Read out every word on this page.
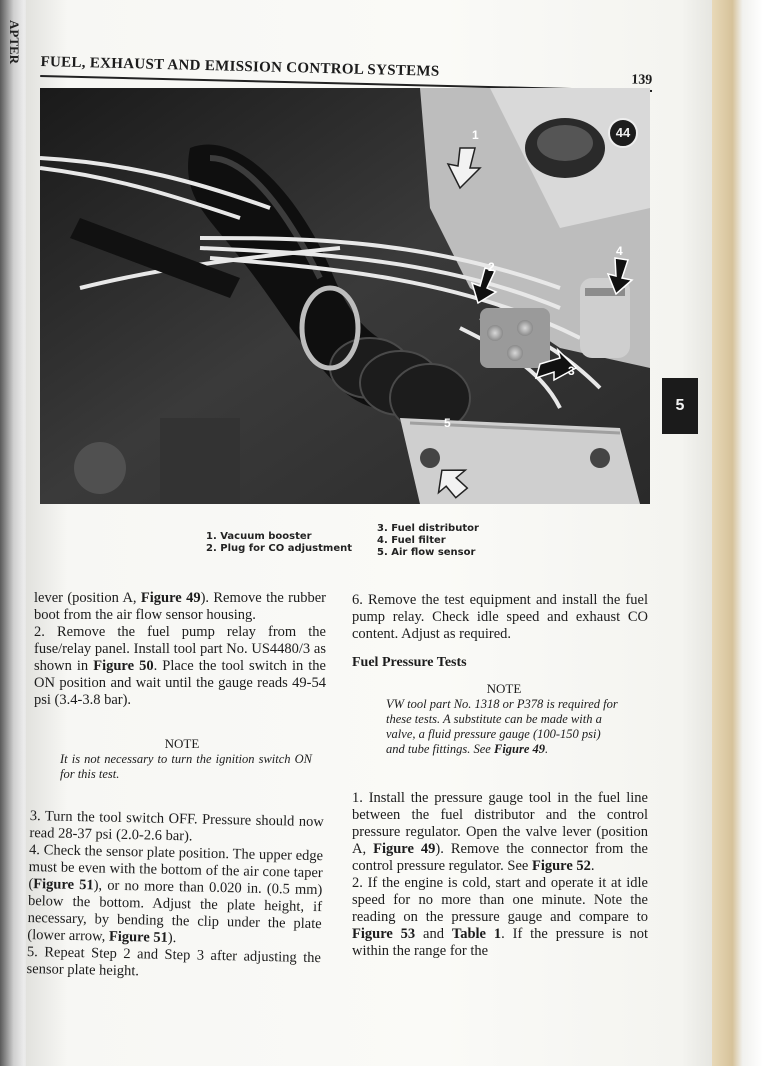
APTER
FUEL, EXHAUST AND EMISSION CONTROL SYSTEMS
139
1
2
3
4
5
44
1. Vacuum booster
2. Plug for CO adjustment
3. Fuel distributor
4. Fuel filter
5. Air flow sensor
5

lever (position A, Figure 49). Remove the rubber boot from the air flow sensor housing.

2. Remove the fuel pump relay from the fuse/relay panel. Install tool part No. US4480/3 as shown in Figure 50. Place the tool switch in the ON position and wait until the gauge reads 49-54 psi (3.4-3.8 bar).

NOTE

It is not necessary to turn the ignition switch ON for this test.

3. Turn the tool switch OFF. Pressure should now read 28-37 psi (2.0-2.6 bar).

4. Check the sensor plate position. The upper edge must be even with the bottom of the air cone taper (Figure 51), or no more than 0.020 in. (0.5 mm) below the bottom. Adjust the plate height, if necessary, by bending the clip under the plate (lower arrow, Figure 51).

5. Repeat Step 2 and Step 3 after adjusting the sensor plate height.

6. Remove the test equipment and install the fuel pump relay. Check idle speed and exhaust CO content. Adjust as required.

Fuel Pressure Tests

NOTE

VW tool part No. 1318 or P378 is required for these tests. A substitute can be made with a valve, a fluid pressure gauge (100-150 psi) and tube fittings. See Figure 49.

1. Install the pressure gauge tool in the fuel line between the fuel distributor and the control pressure regulator. Open the valve lever (position A, Figure 49). Remove the connector from the control pressure regulator. See Figure 52.

2. If the engine is cold, start and operate it at idle speed for no more than one minute. Note the reading on the pressure gauge and compare to Figure 53 and Table 1. If the pressure is not within the range for the
